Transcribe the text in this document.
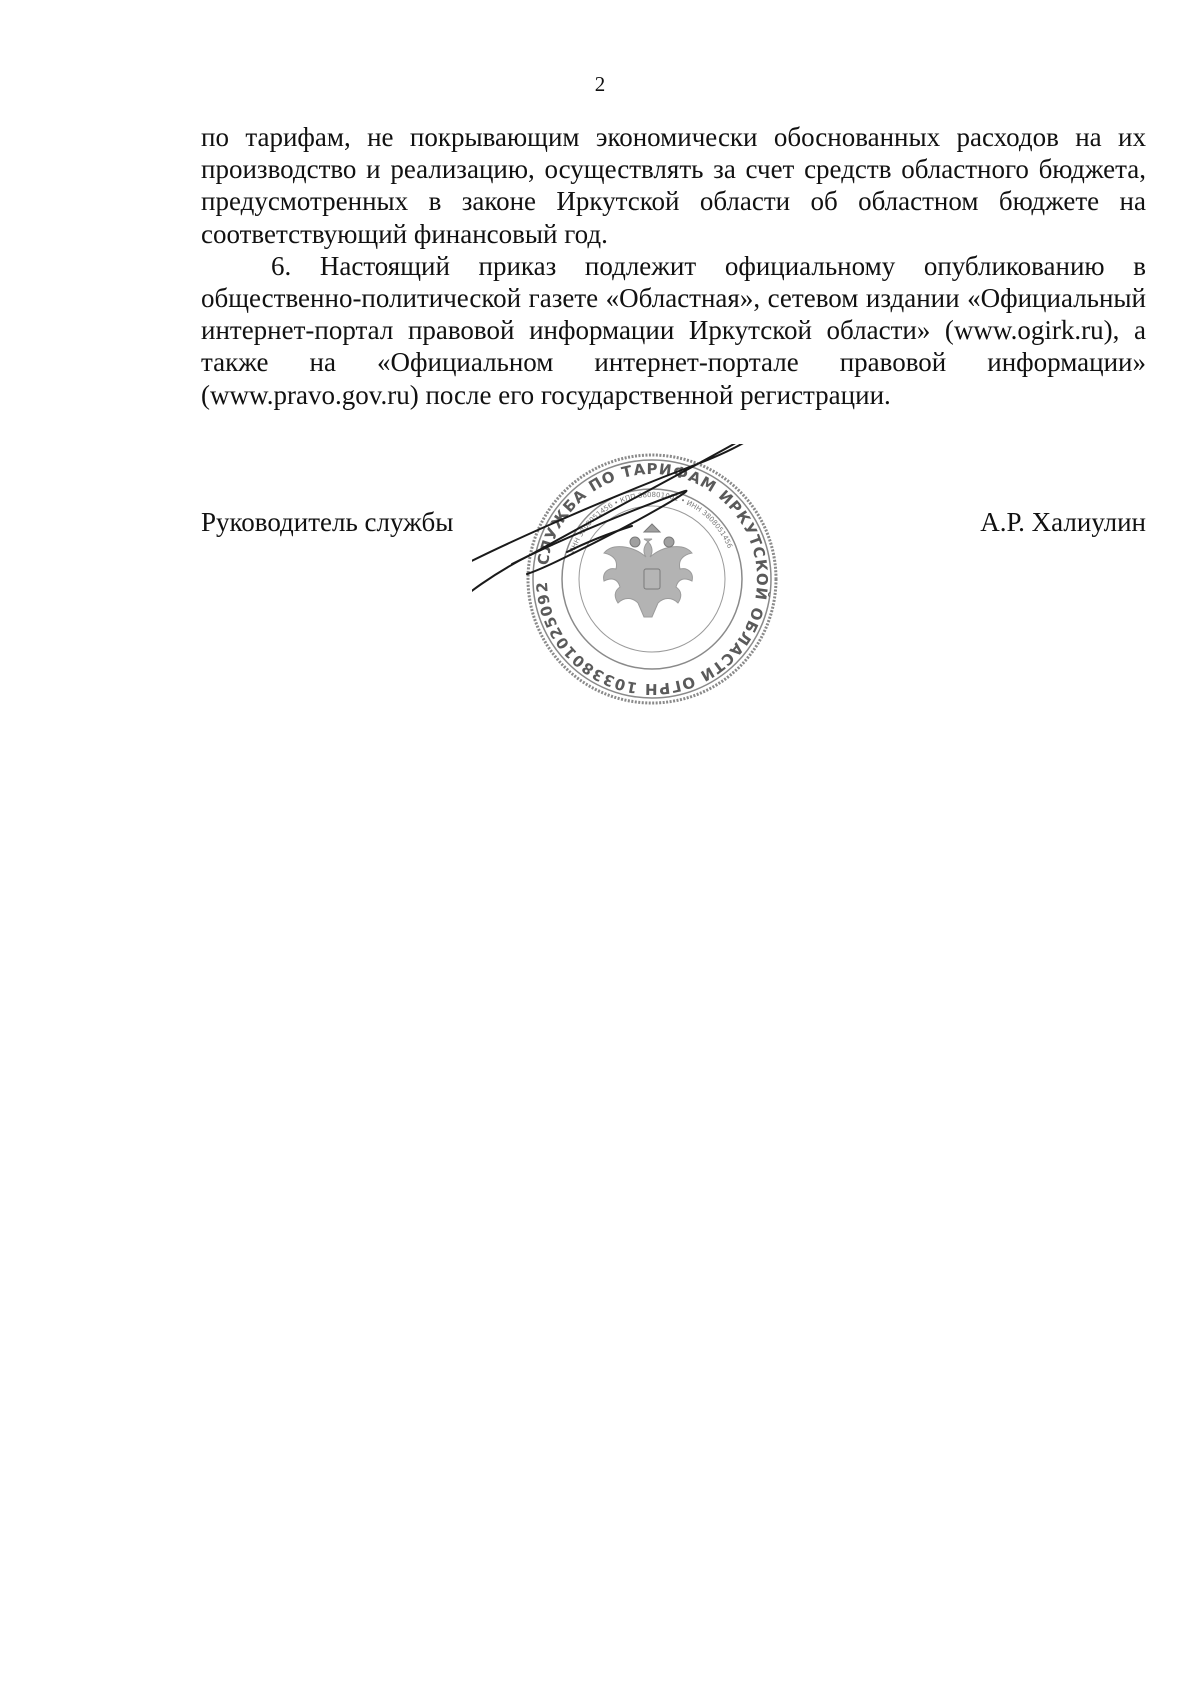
2

по тарифам, не покрывающим экономически обоснованных расходов на их производство и реализацию, осуществлять за счет средств областного бюджета, предусмотренных в законе Иркутской области об областном бюджете на соответствующий финансовый год.

6. Настоящий приказ подлежит официальному опубликованию в общественно-политической газете «Областная», сетевом издании «Официальный интернет-портал правовой информации Иркутской области» (www.ogirk.ru), а также на «Официальном интернет-портале правовой информации» (www.pravo.gov.ru) после его государственной регистрации.

Руководитель службы	А.Р. Халиулин
СЛУЖБА ПО ТАРИФАМ ИРКУТСКОЙ ОБЛАСТИ ОГРН 1033801025092
ИНН 3808051456 • КПП 380801001 • ИНН 3808051456
